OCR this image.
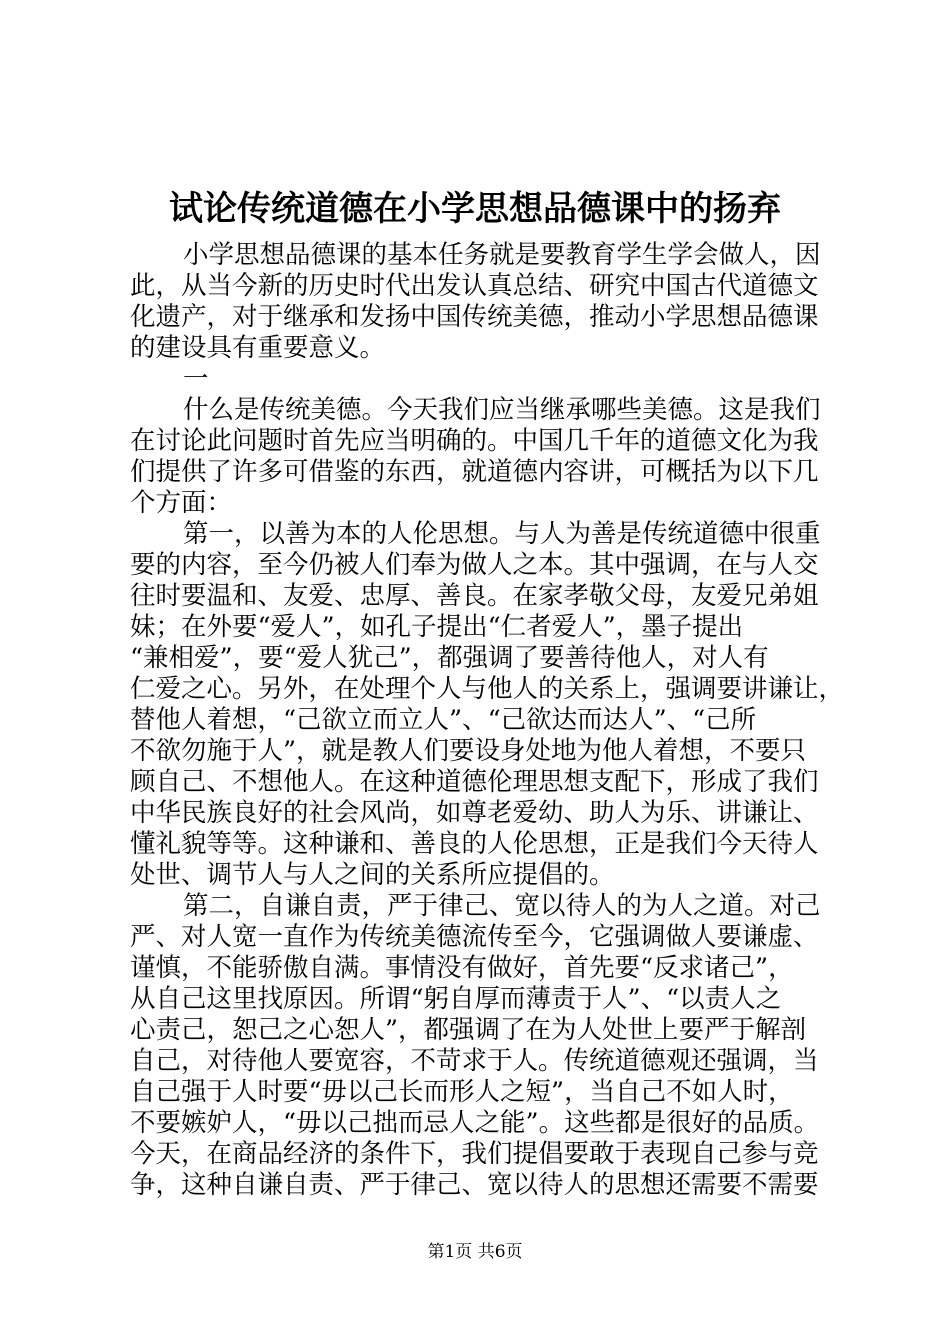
试论传统道德在小学思想品德课中的扬弃
小学思想品德课的基本任务就是要教育学生学会做人，因
此，从当今新的历史时代出发认真总结、研究中国古代道德文
化遗产，对于继承和发扬中国传统美德，推动小学思想品德课
的建设具有重要意义。
一
什么是传统美德。今天我们应当继承哪些美德。这是我们
在讨论此问题时首先应当明确的。中国几千年的道德文化为我
们提供了许多可借鉴的东西，就道德内容讲，可概括为以下几
个方面：
第一，以善为本的人伦思想。与人为善是传统道德中很重
要的内容，至今仍被人们奉为做人之本。其中强调，在与人交
往时要温和、友爱、忠厚、善良。在家孝敬父母，友爱兄弟姐
妹；在外要“爱人”，如孔子提出“仁者爱人”，墨子提出
“兼相爱”，要“爱人犹己”，都强调了要善待他人，对人有
仁爱之心。另外，在处理个人与他人的关系上，强调要讲谦让，
替他人着想，“己欲立而立人”、“己欲达而达人”、“己所
不欲勿施于人”，就是教人们要设身处地为他人着想，不要只
顾自己、不想他人。在这种道德伦理思想支配下，形成了我们
中华民族良好的社会风尚，如尊老爱幼、助人为乐、讲谦让、
懂礼貌等等。这种谦和、善良的人伦思想，正是我们今天待人
处世、调节人与人之间的关系所应提倡的。
第二，自谦自责，严于律己、宽以待人的为人之道。对己
严、对人宽一直作为传统美德流传至今，它强调做人要谦虚、
谨慎，不能骄傲自满。事情没有做好，首先要“反求诸己”，
从自己这里找原因。所谓“躬自厚而薄责于人”、“以责人之
心责己，恕己之心恕人”，都强调了在为人处世上要严于解剖
自己，对待他人要宽容，不苛求于人。传统道德观还强调，当
自己强于人时要“毋以己长而形人之短”，当自己不如人时，
不要嫉妒人，“毋以己拙而忌人之能”。这些都是很好的品质。
今天，在商品经济的条件下，我们提倡要敢于表现自己参与竞
争，这种自谦自责、严于律己、宽以待人的思想还需要不需要
第1页 共6页
